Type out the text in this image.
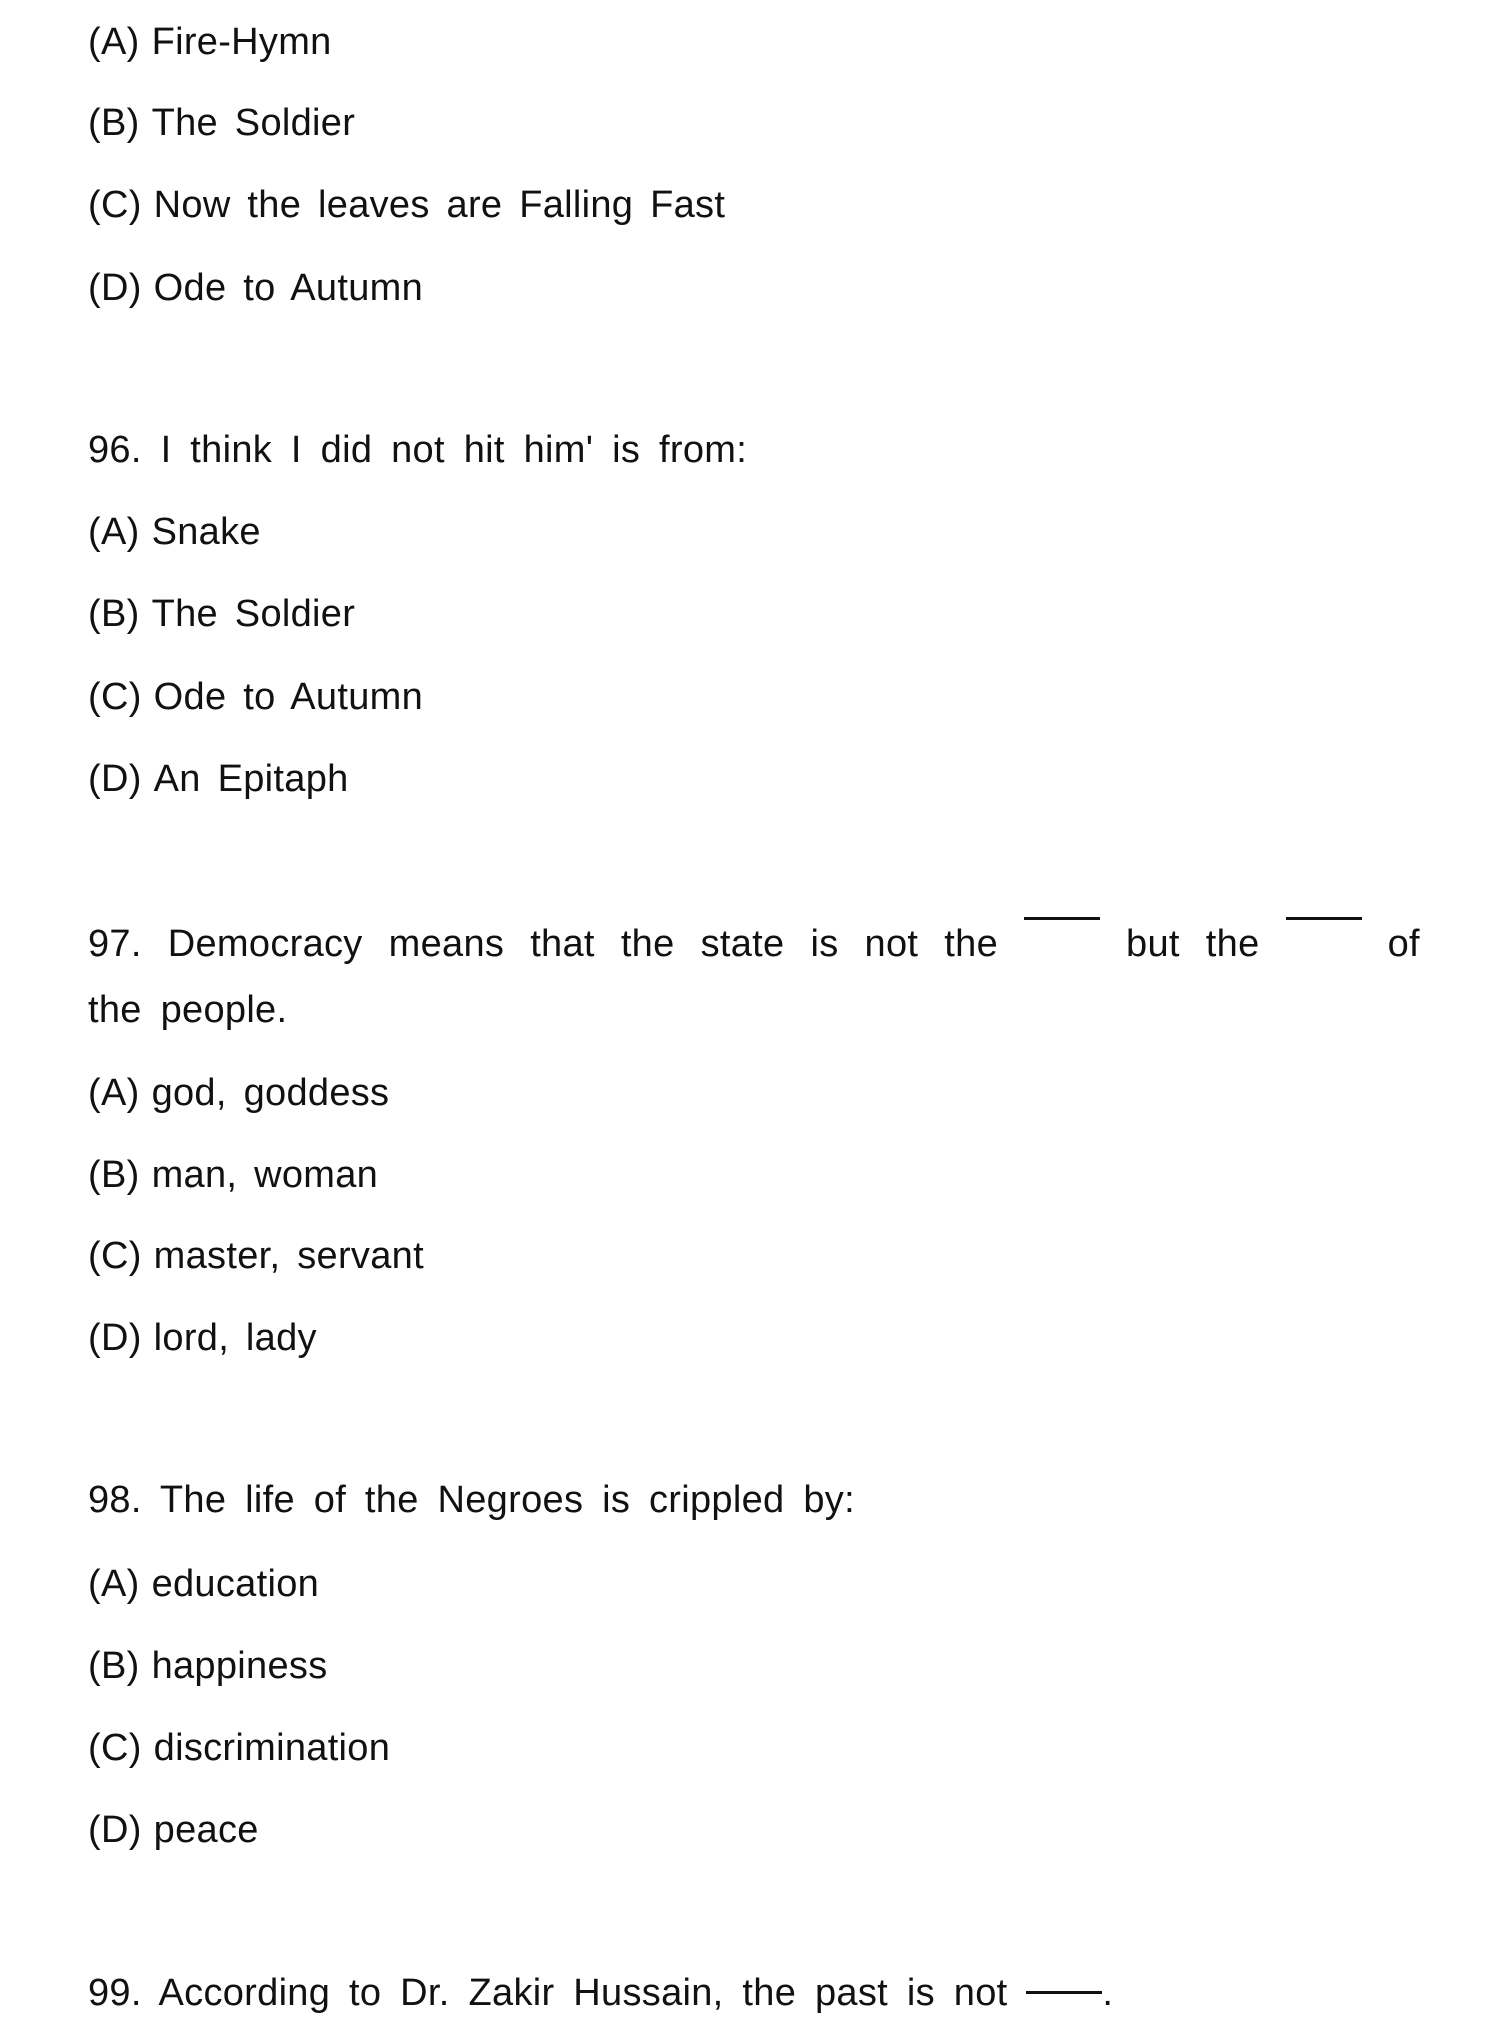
(A) Fire-Hymn
(B) The Soldier
(C) Now the leaves are Falling Fast
(D) Ode to Autumn
96. I think I did not hit him' is from:
(A) Snake
(B) The Soldier
(C) Ode to Autumn
(D) An Epitaph
97. Democracy means that the state is not the	but the	of
the people.
(A) god, goddess
(B) man, woman
(C) master, servant
(D) lord, lady
98. The life of the Negroes is crippled by:
(A) education
(B) happiness
(C) discrimination
(D) peace
99. According to Dr. Zakir Hussain, the past is not .
